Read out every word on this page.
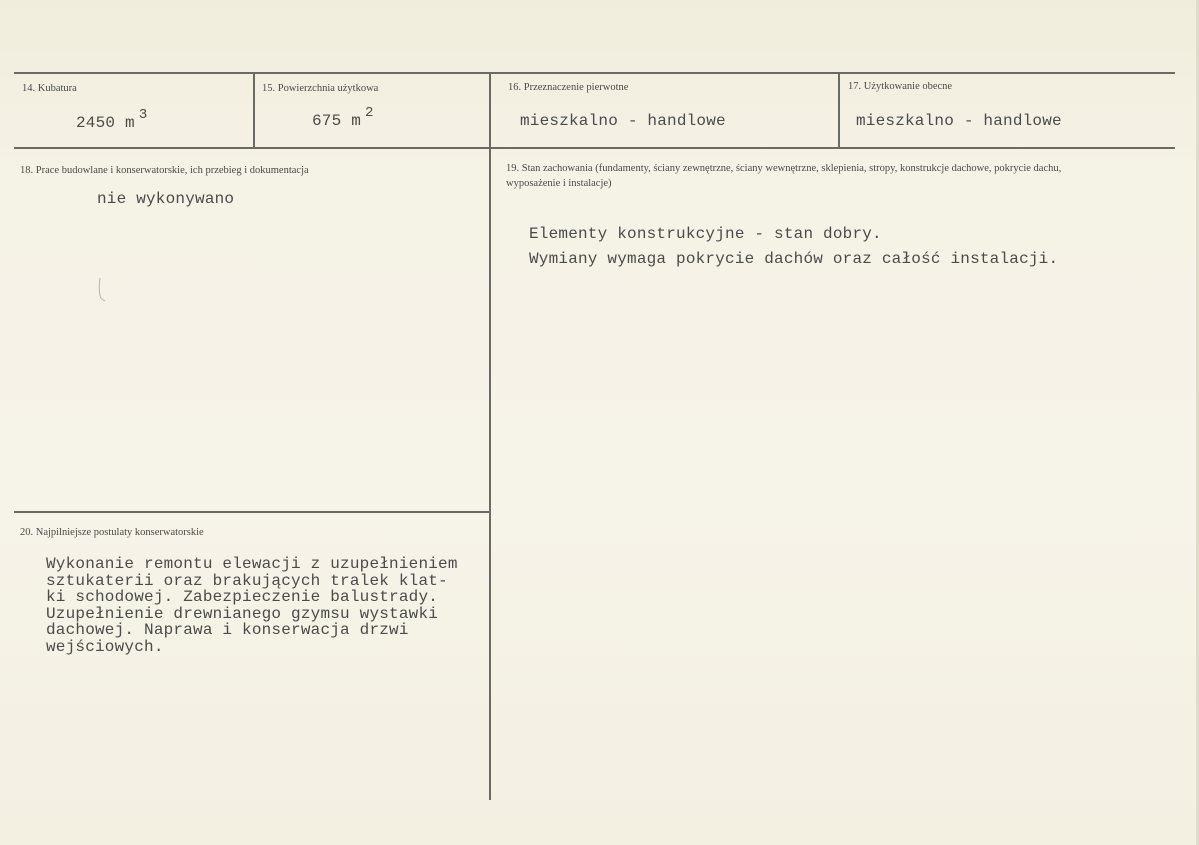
14. Kubatura
2450 m 3
15. Powierzchnia użytkowa
675 m 2
16. Przeznaczenie pierwotne
mieszkalno - handlowe
17. Użytkowanie obecne
mieszkalno - handlowe
18. Prace budowlane i konserwatorskie, ich przebieg i dokumentacja
nie wykonywano
19. Stan zachowania (fundamenty, ściany zewnętrzne, ściany wewnętrzne, sklepienia, stropy, konstrukcje dachowe, pokrycie dachu, wyposażenie i instalacje)
Elementy konstrukcyjne - stan dobry.
Wymiany wymaga pokrycie dachów oraz całość instalacji.
20. Najpilniejsze postulaty konserwatorskie
Wykonanie remontu elewacji z uzupełnieniem
sztukaterii oraz brakujących tralek klat-
ki schodowej. Zabezpieczenie balustrady.
Uzupełnienie drewnianego gzymsu wystawki
dachowej. Naprawa i konserwacja drzwi
wejściowych.
